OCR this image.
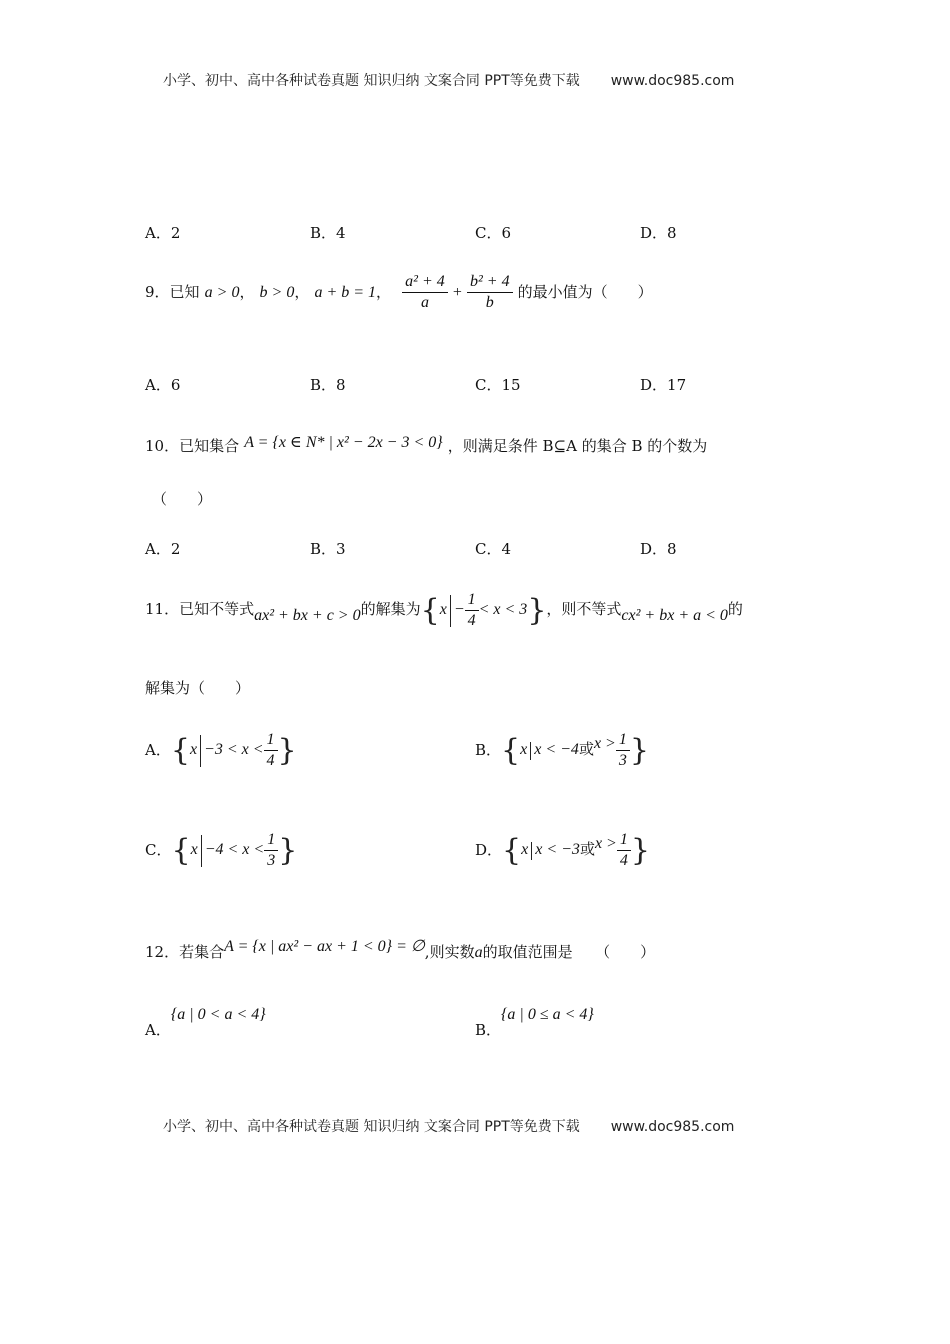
小学、初中、高中各种试卷真题 知识归纳 文案合同 PPT等免费下载 www.doc985.com
A．2	B．4	C．6	D．8
9．已知 a > 0， b > 0， a + b = 1， $\frac{\text{a² + 4}}{a} + \frac{\text{b² + 4}}{b}$ 的最小值为（　　）
A．6	B．8	C．15	D．17
10．已知集合 A = {x ∈ N* | x² − 2x − 3 < 0} ，则满足条件 B⊆A 的集合 B 的个数为
（　　）
A．2	B．3	C．4	D．8
11．已知不等式ax² + bx + c > 0的解集为$\{x - \frac{1}{4} < x < 3\}$，则不等式cx² + bx + a < 0的
解集为（　　）
A．{$x -3 < x < \frac{1}{4}$ }	B．{x x < −4或$x > \frac{1}{3}$ }
C．{$x -4 < x < \frac{1}{3}$ }	D．{x x < −3或$x > \frac{1}{4}$ }
12．若集合A = {x | ax² − ax + 1 < 0} = ∅,则实数a的取值范围是　　（　　）
A．{a | 0 < a < 4}
B．{a | 0 ≤ a < 4}
小学、初中、高中各种试卷真题 知识归纳 文案合同 PPT等免费下载 www.doc985.com
